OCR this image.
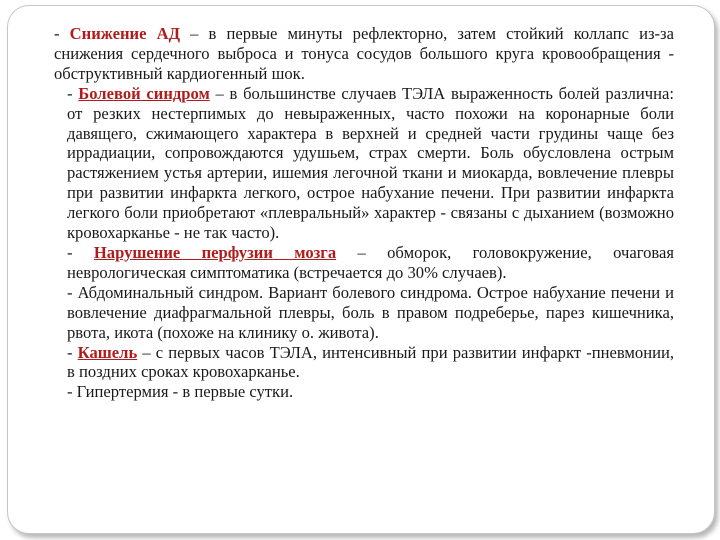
- Снижение АД – в первые минуты рефлекторно, затем стойкий коллапс из-за снижения сердечного выброса и тонуса сосудов большого круга кровообращения - обструктивный кардиогенный шок.

- Болевой синдром – в большинстве случаев ТЭЛА выраженность болей различна: от резких нестерпимых до невыраженных, часто похожи на коронарные боли давящего, сжимающего характера в верхней и средней части грудины чаще без иррадиации, сопровождаются удушьем, страх смерти. Боль обусловлена острым растяжением устья артерии, ишемия легочной ткани и миокарда, вовлечение плевры при развитии инфаркта легкого, острое набухание печени. При развитии инфаркта легкого боли приобретают «плевральный» характер - связаны с дыханием (возможно кровохарканье - не так часто).

- Нарушение перфузии мозга – обморок, головокружение, очаговая неврологическая симптоматика (встречается до 30% случаев).

- Абдоминальный синдром. Вариант болевого синдрома. Острое набухание печени и вовлечение диафрагмальной плевры, боль в правом подреберье, парез кишечника, рвота, икота (похоже на клинику о. живота).

- Кашель – с первых часов ТЭЛА, интенсивный при развитии инфаркт -пневмонии, в поздних сроках кровохарканье.

- Гипертермия - в первые сутки.
